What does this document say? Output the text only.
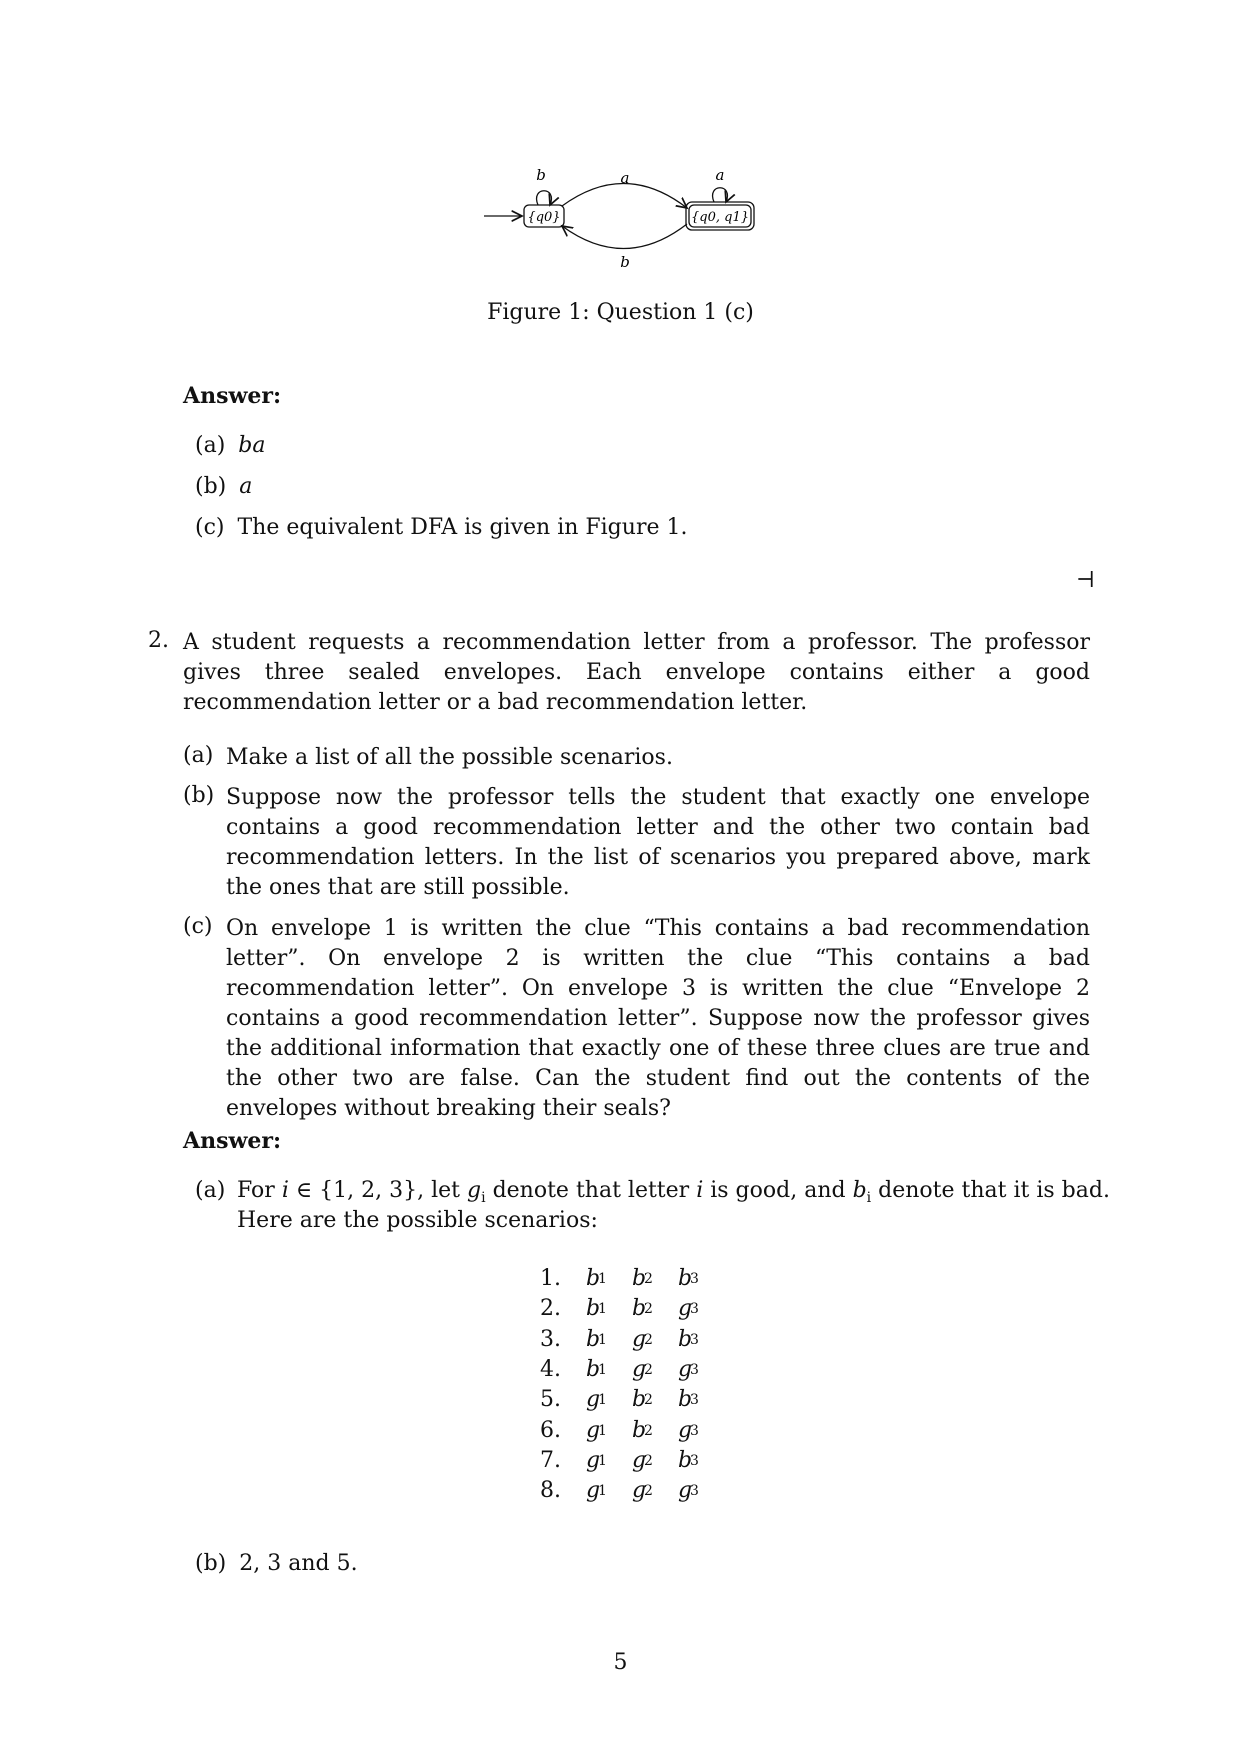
{q0}	{q0, q1}
b	a
a
b
Figure 1: Question 1 (c)
Answer:
(a) ba
(b) a
(c) The equivalent DFA is given in Figure 1.
⊣
2. A student requests a recommendation letter from a professor. The professor gives three sealed envelopes. Each envelope contains either a good recommendation letter or a bad recommendation letter.
(a) Make a list of all the possible scenarios.
(b) Suppose now the professor tells the student that exactly one envelope contains a good recommendation letter and the other two contain bad recommendation letters. In the list of scenarios you prepared above, mark the ones that are still possible.
(c) On envelope 1 is written the clue “This contains a bad recommendation letter”. On envelope 2 is written the clue “This contains a bad recommendation letter”. On envelope 3 is written the clue “Envelope 2 contains a good recommendation letter”. Suppose now the professor gives the additional information that exactly one of these three clues are true and the other two are false. Can the student find out the contents of the envelopes without breaking their seals?
Answer:
(a) For i ∈ {1, 2, 3}, let $g_i$ denote that letter i is good, and $b_i$ denote that it is bad.
Here are the possible scenarios:
1. b
1 b
2 b
3
2. b
1 b
2 g
3
3. b
1 g
2 b
3
4. b
1 g
2 g
3
5. g
1 b
2 b
3
6. g
1 b
2 g
3
7. g
1 g
2 b
3
8. g
1 g
2 g
3
(b) 2, 3 and 5.
5
